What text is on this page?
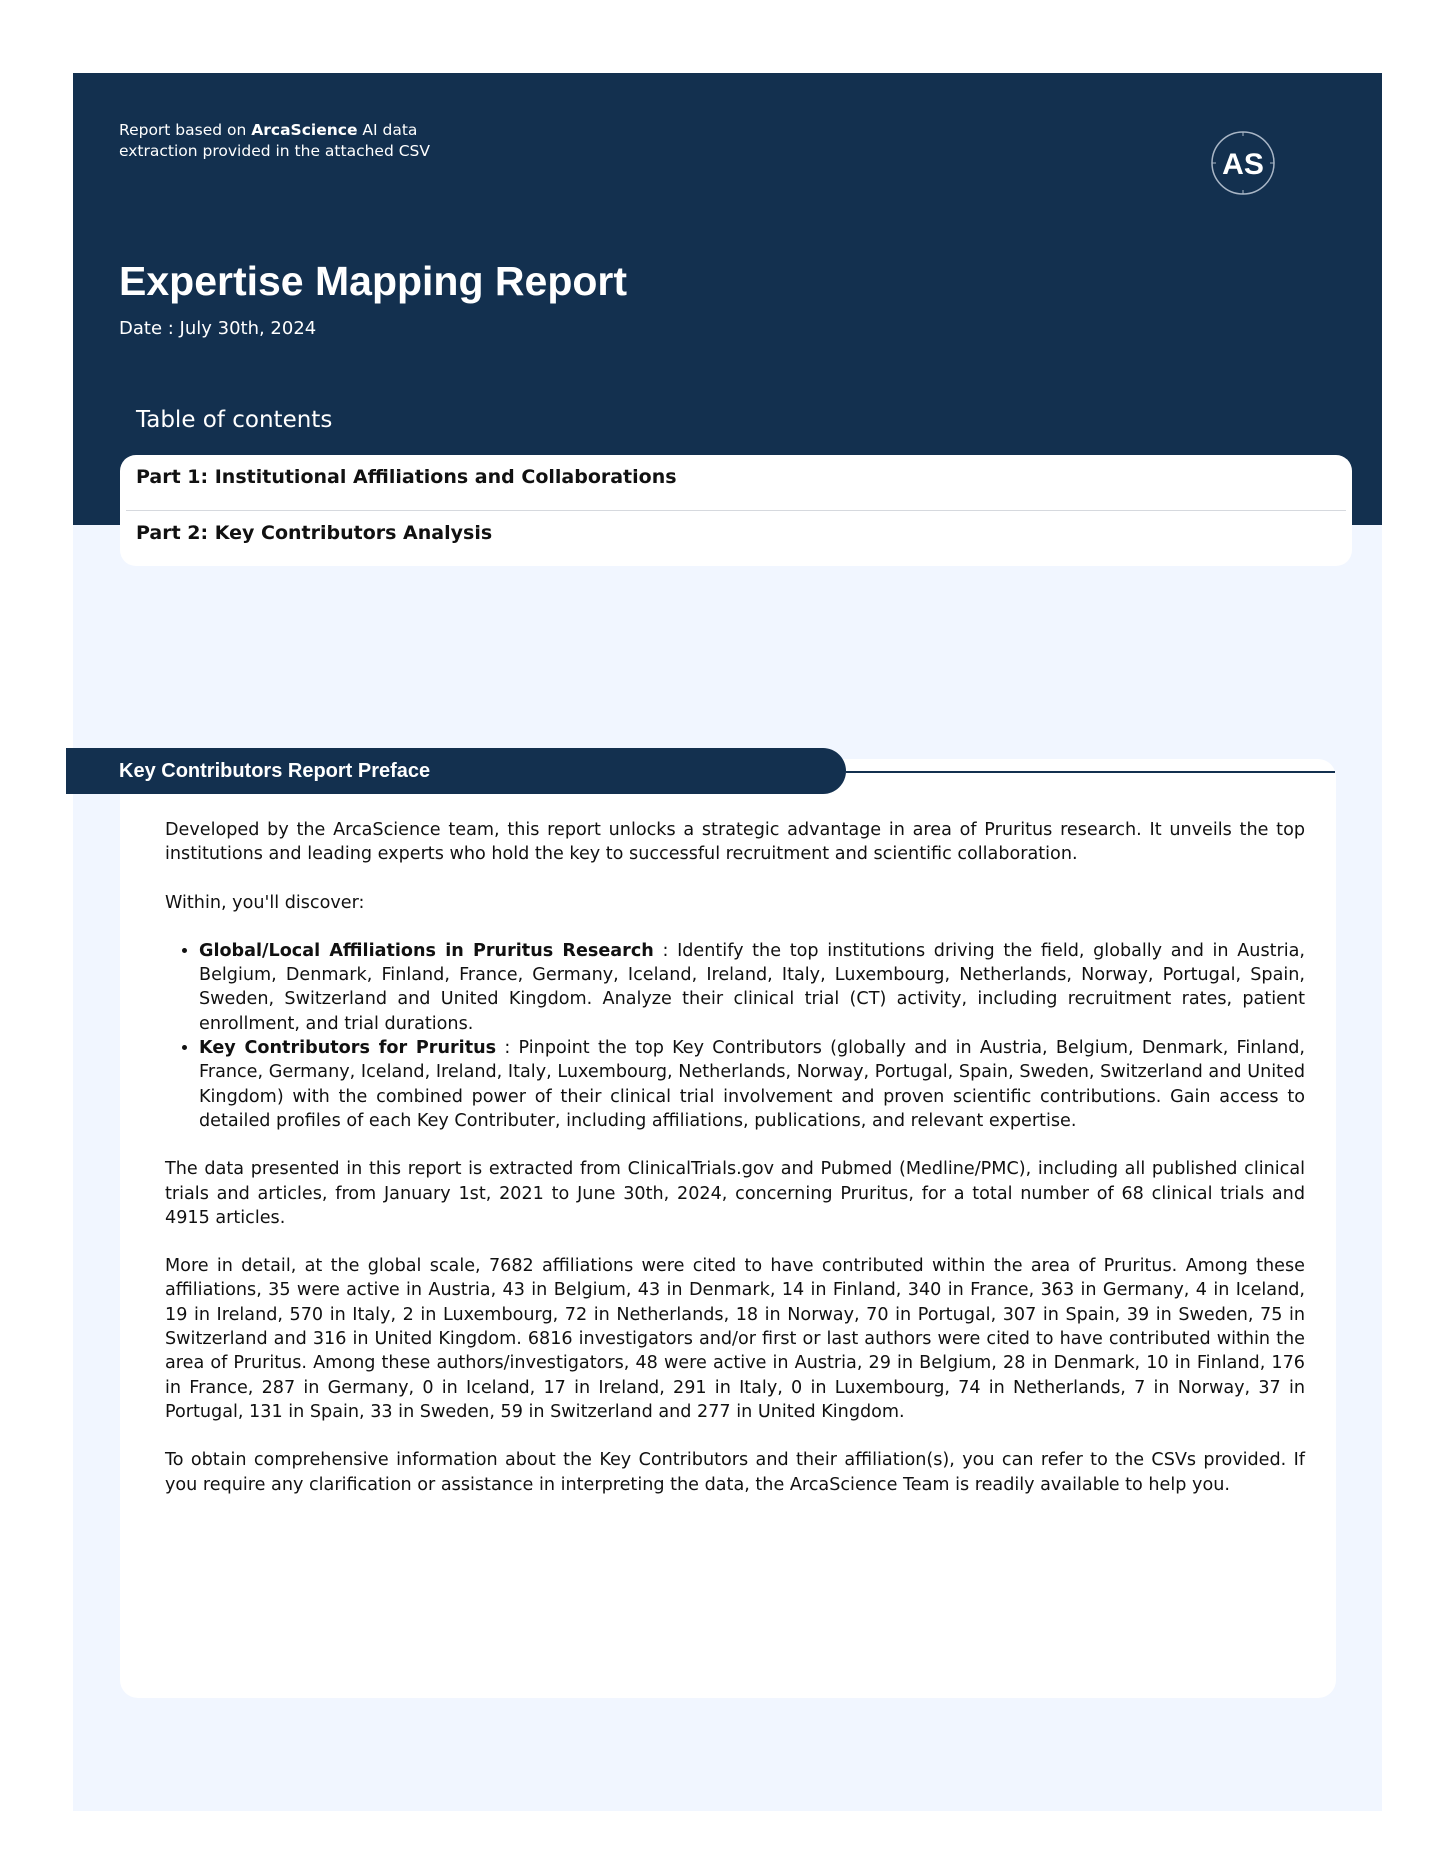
Report based on ArcaScience AI data extraction provided in the attached CSV	AS
Expertise Mapping Report
Date : July 30th, 2024
Table of contents
Part 1: Institutional Affiliations and Collaborations
Part 2: Key Contributors Analysis
Key Contributors Report Preface

Developed by the ArcaScience team, this report unlocks a strategic advantage in area of Pruritus research. It unveils the top institutions and leading experts who hold the key to successful recruitment and scientific collaboration.

Within, you'll discover:

• Global/Local Affiliations in Pruritus Research : Identify the top institutions driving the field, globally and in Austria, Belgium, Denmark, Finland, France, Germany, Iceland, Ireland, Italy, Luxembourg, Netherlands, Norway, Portugal, Spain, Sweden, Switzerland and United Kingdom. Analyze their clinical trial (CT) activity, including recruitment rates, patient enrollment, and trial durations.
• Key Contributors for Pruritus : Pinpoint the top Key Contributors (globally and in Austria, Belgium, Denmark, Finland, France, Germany, Iceland, Ireland, Italy, Luxembourg, Netherlands, Norway, Portugal, Spain, Sweden, Switzerland and United Kingdom) with the combined power of their clinical trial involvement and proven scientific contributions. Gain access to detailed profiles of each Key Contributer, including affiliations, publications, and relevant expertise.

The data presented in this report is extracted from ClinicalTrials.gov and Pubmed (Medline/PMC), including all published clinical trials and articles, from January 1st, 2021 to June 30th, 2024, concerning Pruritus, for a total number of 68 clinical trials and 4915 articles.

More in detail, at the global scale, 7682 affiliations were cited to have contributed within the area of Pruritus. Among these affiliations, 35 were active in Austria, 43 in Belgium, 43 in Denmark, 14 in Finland, 340 in France, 363 in Germany, 4 in Iceland, 19 in Ireland, 570 in Italy, 2 in Luxembourg, 72 in Netherlands, 18 in Norway, 70 in Portugal, 307 in Spain, 39 in Sweden, 75 in Switzerland and 316 in United Kingdom. 6816 investigators and/or first or last authors were cited to have contributed within the area of Pruritus. Among these authors/investigators, 48 were active in Austria, 29 in Belgium, 28 in Denmark, 10 in Finland, 176 in France, 287 in Germany, 0 in Iceland, 17 in Ireland, 291 in Italy, 0 in Luxembourg, 74 in Netherlands, 7 in Norway, 37 in Portugal, 131 in Spain, 33 in Sweden, 59 in Switzerland and 277 in United Kingdom.

To obtain comprehensive information about the Key Contributors and their affiliation(s), you can refer to the CSVs provided. If you require any clarification or assistance in interpreting the data, the ArcaScience Team is readily available to help you.
